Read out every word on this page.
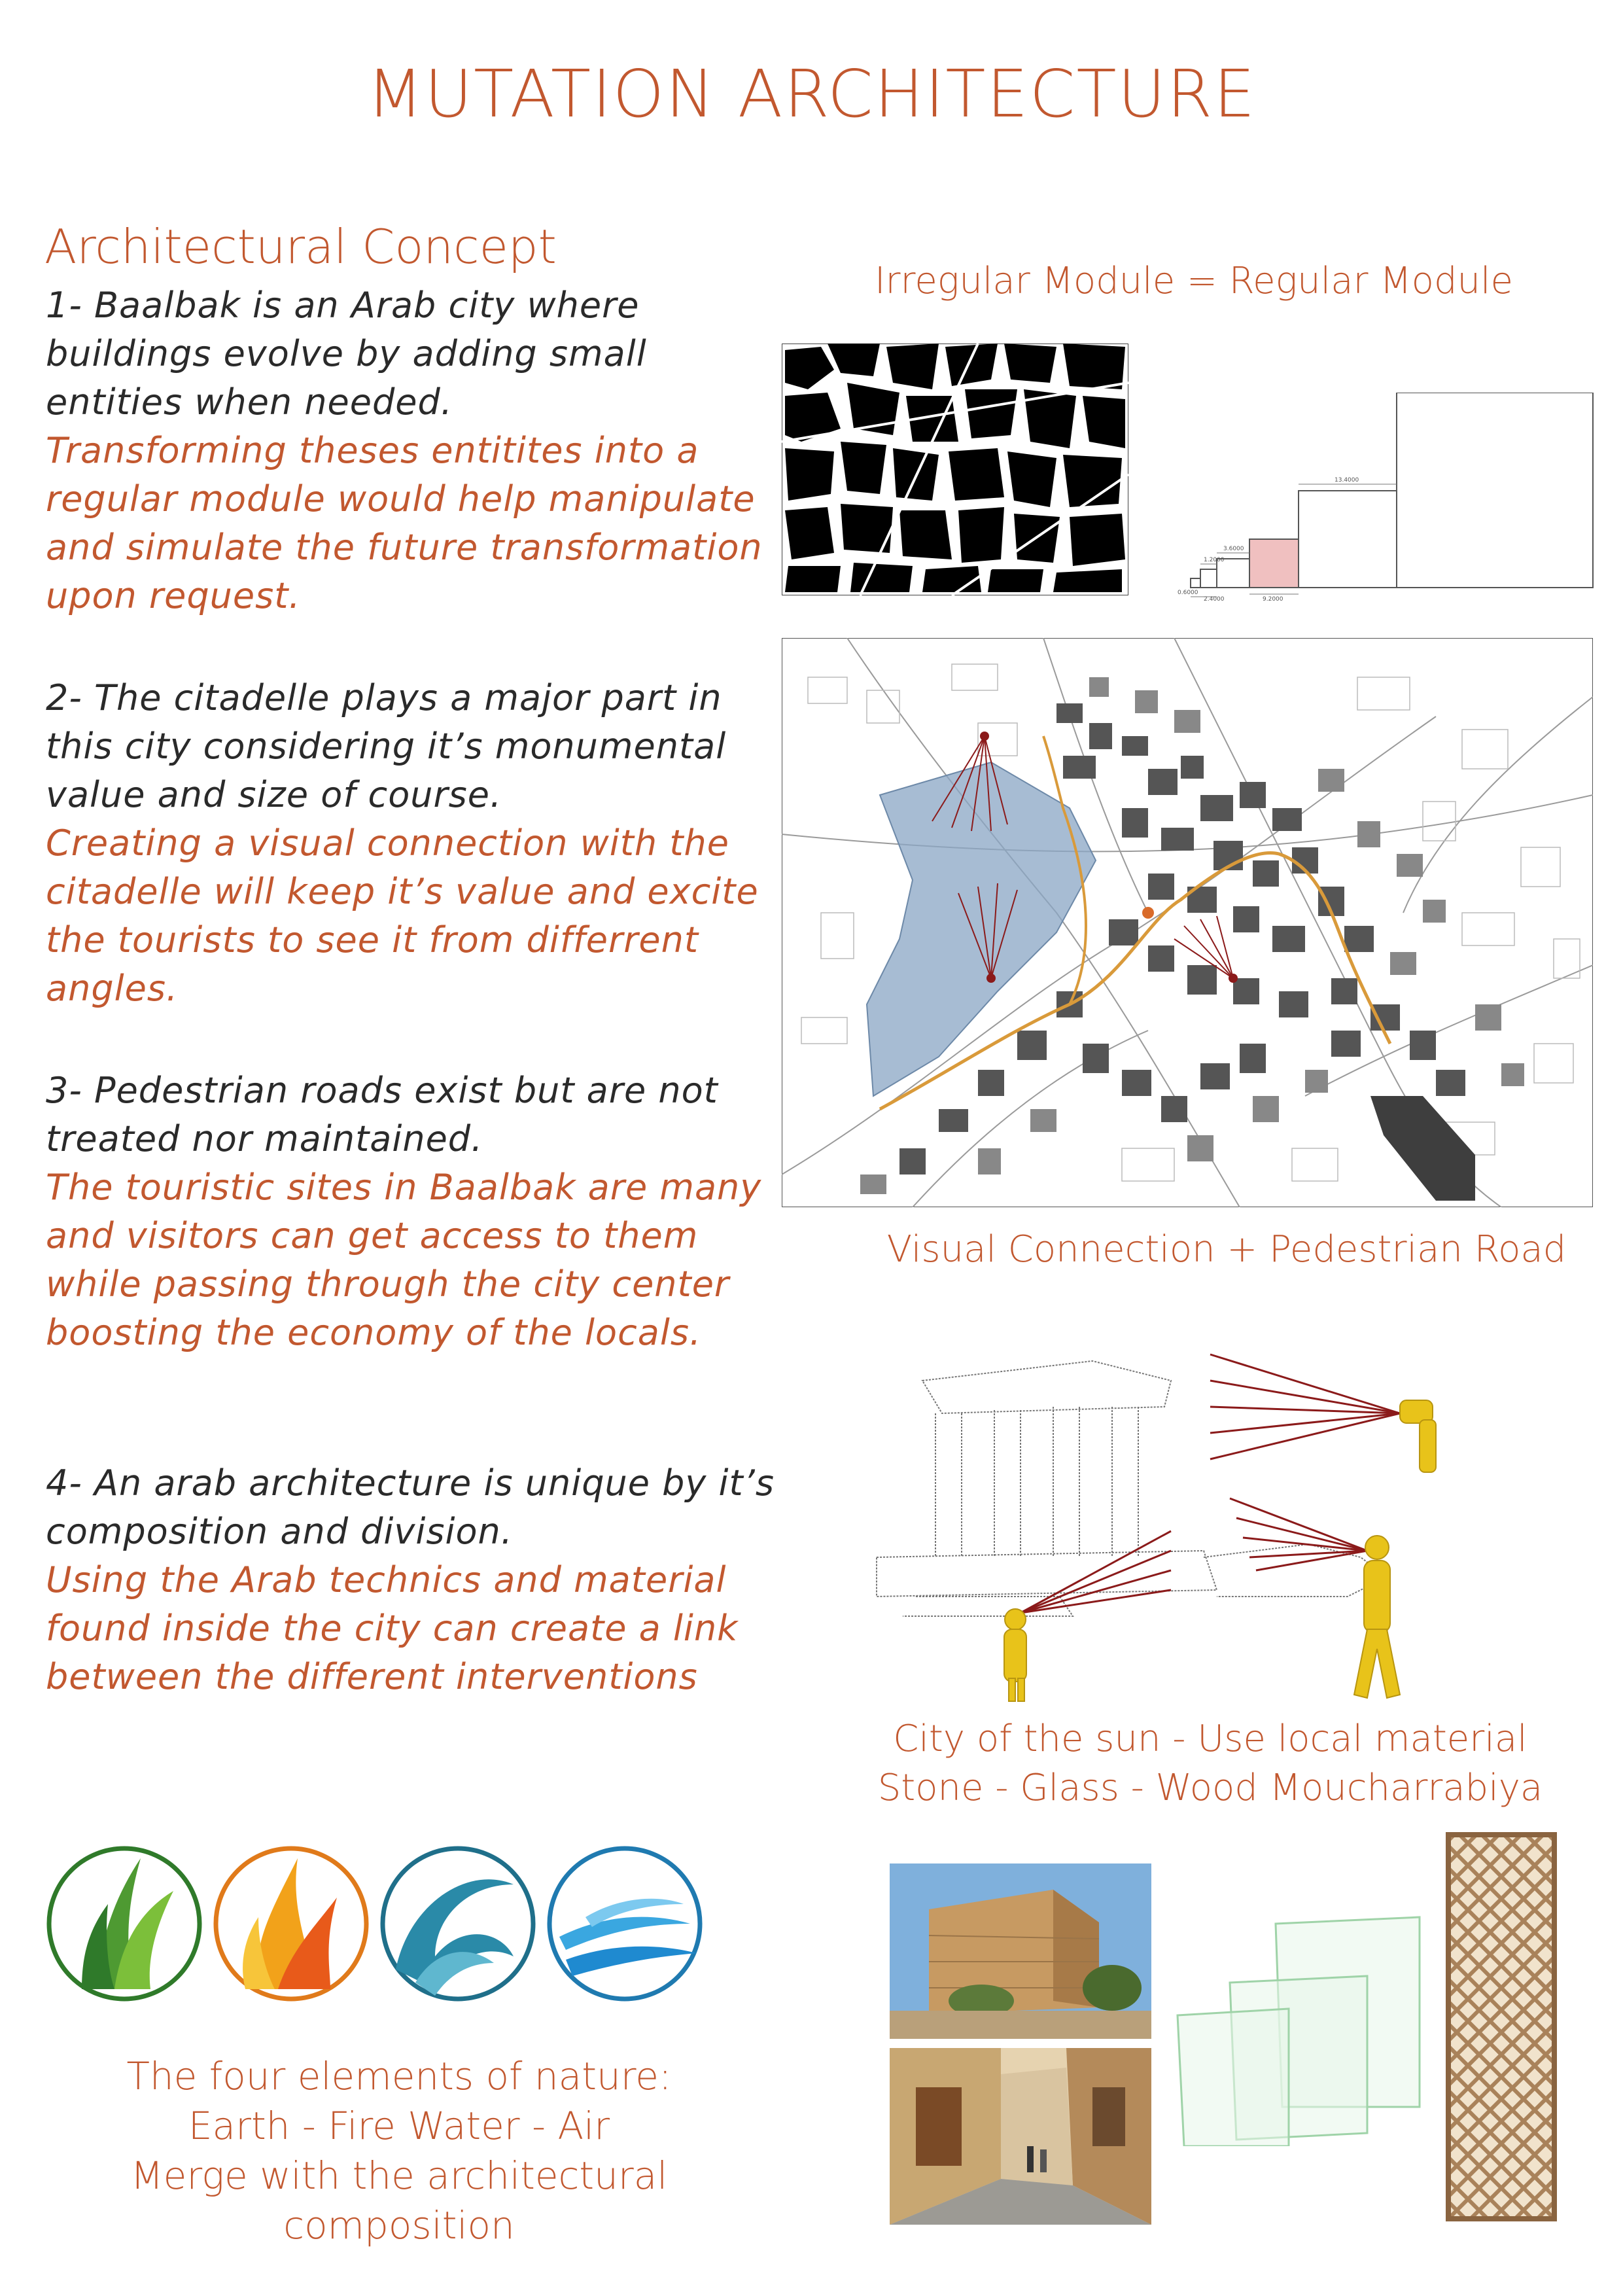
MUTATION ARCHITECTURE
Architectural Concept
1- Baalbak is an Arab city where buildings evolve by adding small entities when needed.
Transforming theses entitites into a regular module would help manipulate and simulate the future transformation upon request.
2- The citadelle plays a major part in this city considering it’s monumental value and size of course.
Creating a visual connection with the citadelle will keep it’s value and excite the tourists to see it from differrent angles.
3- Pedestrian roads exist but are not treated nor maintained.
The touristic sites in Baalbak are many and visitors can get access to them while passing through the city center boosting the economy of the locals.
4- An arab architecture is unique by it’s composition and division.
Using the Arab technics and material found inside the city can create a link between the different interventions
Irregular Module = Regular Module
0.6000
1.2000
2.4000
3.6000
9.2000
13.4000
Visual Connection + Pedestrian Road
City of the sun - Use local material
Stone - Glass - Wood Moucharrabiya
The four elements of nature:
Earth - Fire Water - Air
Merge with the architectural composition
